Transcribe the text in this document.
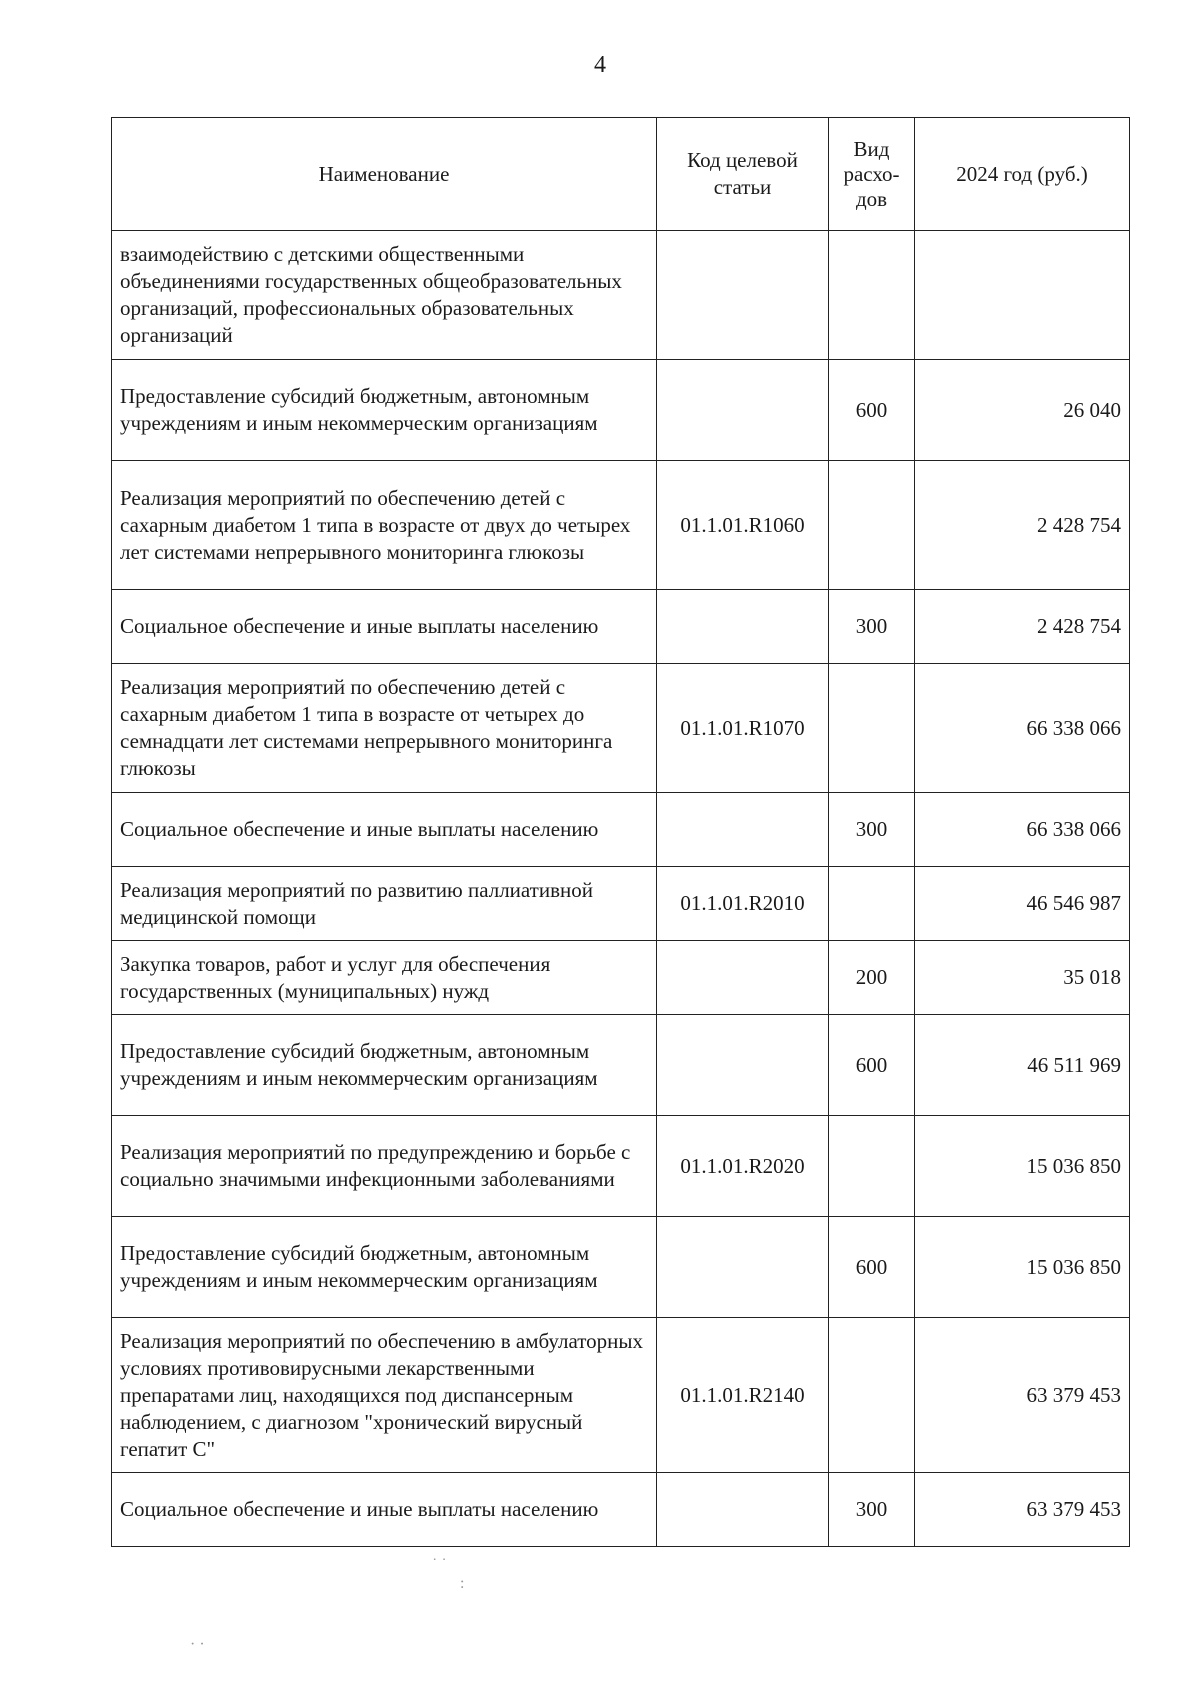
4
Наименование	Код целевой статьи	Вид расхо-дов	2024 год (руб.)
взаимодействию с детскими общественными объединениями государственных общеобразовательных организаций, профессиональных образовательных организаций			
Предоставление субсидий бюджетным, автономным учреждениям и иным некоммерческим организациям		600	26 040
Реализация мероприятий по обеспечению детей с сахарным диабетом 1 типа в возрасте от двух до четырех лет системами непрерывного мониторинга глюкозы	01.1.01.R1060		2 428 754
Социальное обеспечение и иные выплаты населению		300	2 428 754
Реализация мероприятий по обеспечению детей с сахарным диабетом 1 типа в возрасте от четырех до семнадцати лет системами непрерывного мониторинга глюкозы	01.1.01.R1070		66 338 066
Социальное обеспечение и иные выплаты населению		300	66 338 066
Реализация мероприятий по развитию паллиативной медицинской помощи	01.1.01.R2010		46 546 987
Закупка товаров, работ и услуг для обеспечения государственных (муниципальных) нужд		200	35 018
Предоставление субсидий бюджетным, автономным учреждениям и иным некоммерческим организациям		600	46 511 969
Реализация мероприятий по предупреждению и борьбе с социально значимыми инфекционными заболеваниями	01.1.01.R2020		15 036 850
Предоставление субсидий бюджетным, автономным учреждениям и иным некоммерческим организациям		600	15 036 850
Реализация мероприятий по обеспечению в амбулаторных условиях противовирусными лекарственными препаратами лиц, находящихся под диспансерным наблюдением, с диагнозом "хронический вирусный гепатит С"	01.1.01.R2140		63 379 453
Социальное обеспечение и иные выплаты населению		300	63 379 453
˙ ˙
:
· ·
